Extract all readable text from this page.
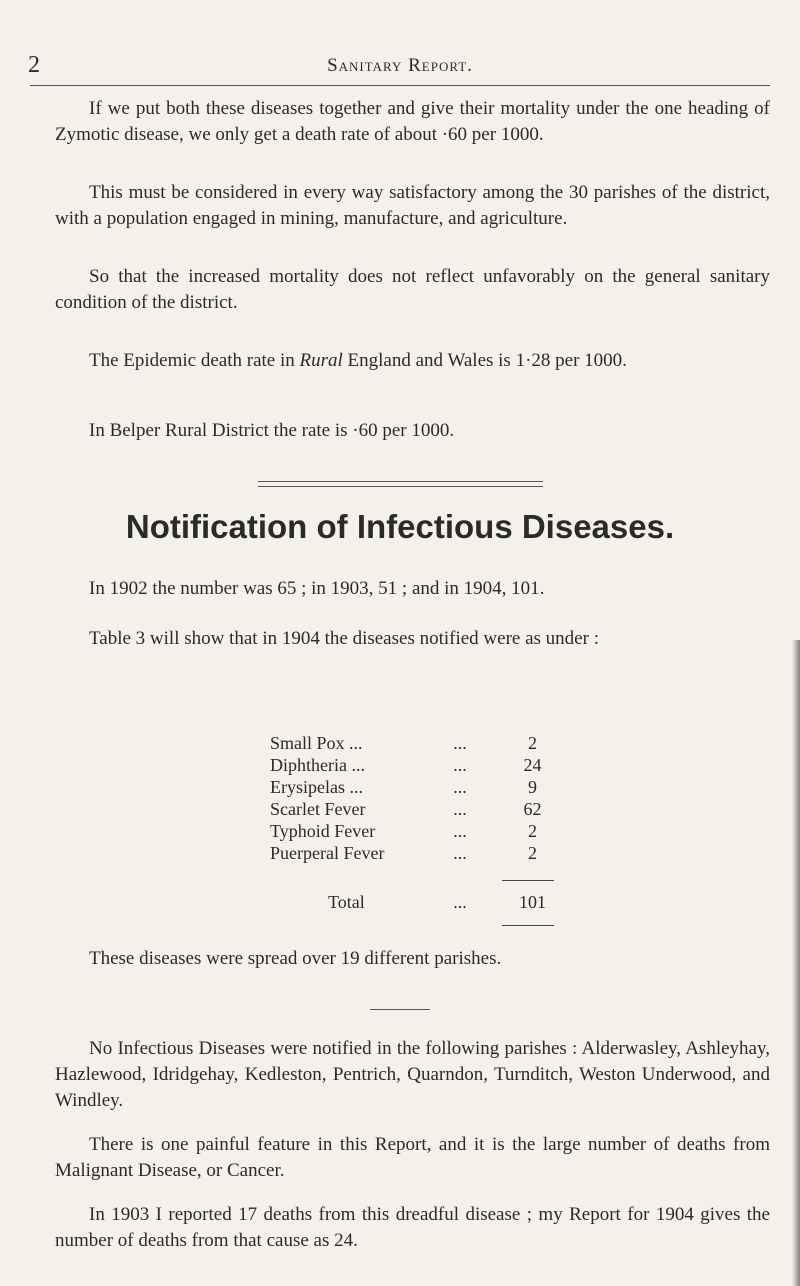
2	Sanitary Report.

If we put both these diseases together and give their mortality under the one heading of Zymotic disease, we only get a death rate of about ·60 per 1000.

This must be considered in every way satisfactory among the 30 parishes of the district, with a population engaged in mining, manufacture, and agriculture.

So that the increased mortality does not reflect unfavorably on the general sanitary condition of the district.

The Epidemic death rate in Rural England and Wales is 1·28 per 1000.

In Belper Rural District the rate is ·60 per 1000.

Notification of Infectious Diseases.

In 1902 the number was 65 ; in 1903, 51 ; and in 1904, 101.

Table 3 will show that in 1904 the diseases notified were as under :

Small Pox ...	...	2
Diphtheria ...	...	24
Erysipelas ...	...	9
Scarlet Fever	...	62
Typhoid Fever	...	2
Puerperal Fever	...	2
Total	...	101

These diseases were spread over 19 different parishes.

No Infectious Diseases were notified in the following parishes : Alderwasley, Ashleyhay, Hazlewood, Idridgehay, Kedleston, Pentrich, Quarndon, Turnditch, Weston Underwood, and Windley.

There is one painful feature in this Report, and it is the large number of deaths from Malignant Disease, or Cancer.

In 1903 I reported 17 deaths from this dreadful disease ; my Report for 1904 gives the number of deaths from that cause as 24.
